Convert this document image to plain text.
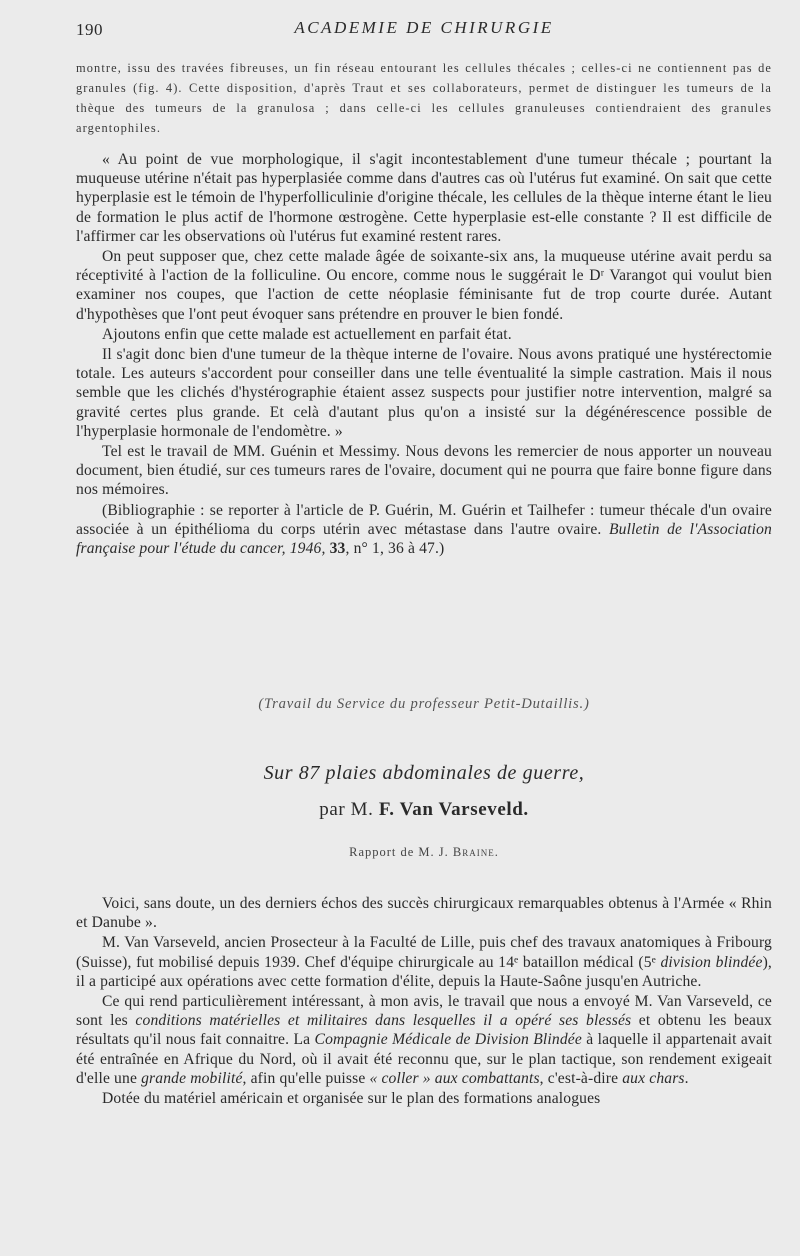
190	ACADEMIE DE CHIRURGIE

montre, issu des travées fibreuses, un fin réseau entourant les cellules thécales ; celles-ci ne contiennent pas de granules (fig. 4). Cette disposition, d'après Traut et ses collaborateurs, permet de distinguer les tumeurs de la thèque des tumeurs de la granulosa ; dans celle-ci les cellules granuleuses contiendraient des granules argentophiles.

« Au point de vue morphologique, il s'agit incontestablement d'une tumeur thécale ; pourtant la muqueuse utérine n'était pas hyperplasiée comme dans d'autres cas où l'utérus fut examiné. On sait que cette hyperplasie est le témoin de l'hyperfolliculinie d'origine thécale, les cellules de la thèque interne étant le lieu de formation le plus actif de l'hormone œstrogène. Cette hyperplasie est-elle constante ? Il est difficile de l'affirmer car les observations où l'utérus fut examiné restent rares.

On peut supposer que, chez cette malade âgée de soixante-six ans, la muqueuse utérine avait perdu sa réceptivité à l'action de la folliculine. Ou encore, comme nous le suggérait le Dʳ Varangot qui voulut bien examiner nos coupes, que l'action de cette néoplasie féminisante fut de trop courte durée. Autant d'hypothèses que l'ont peut évoquer sans prétendre en prouver le bien fondé.

Ajoutons enfin que cette malade est actuellement en parfait état.

Il s'agit donc bien d'une tumeur de la thèque interne de l'ovaire. Nous avons pratiqué une hystérectomie totale. Les auteurs s'accordent pour conseiller dans une telle éventualité la simple castration. Mais il nous semble que les clichés d'hystérographie étaient assez suspects pour justifier notre intervention, malgré sa gravité certes plus grande. Et celà d'autant plus qu'on a insisté sur la dégénérescence possible de l'hyperplasie hormonale de l'endomètre. »

Tel est le travail de MM. Guénin et Messimy. Nous devons les remercier de nous apporter un nouveau document, bien étudié, sur ces tumeurs rares de l'ovaire, document qui ne pourra que faire bonne figure dans nos mémoires.

(Bibliographie : se reporter à l'article de P. Guérin, M. Guérin et Tailhefer : tumeur thécale d'un ovaire associée à un épithélioma du corps utérin avec métastase dans l'autre ovaire. Bulletin de l'Association française pour l'étude du cancer, 1946, 33, n° 1, 36 à 47.)

(Travail du Service du professeur Petit-Dutaillis.)

Sur 87 plaies abdominales de guerre,
par M. F. Van Varseveld.
Rapport de M. J. Braine.

Voici, sans doute, un des derniers échos des succès chirurgicaux remarquables obtenus à l'Armée « Rhin et Danube ».

M. Van Varseveld, ancien Prosecteur à la Faculté de Lille, puis chef des travaux anatomiques à Fribourg (Suisse), fut mobilisé depuis 1939. Chef d'équipe chirurgicale au 14ᵉ bataillon médical (5ᵉ division blindée), il a participé aux opérations avec cette formation d'élite, depuis la Haute-Saône jusqu'en Autriche.

Ce qui rend particulièrement intéressant, à mon avis, le travail que nous a envoyé M. Van Varseveld, ce sont les conditions matérielles et militaires dans lesquelles il a opéré ses blessés et obtenu les beaux résultats qu'il nous fait connaitre. La Compagnie Médicale de Division Blindée à laquelle il appartenait avait été entraînée en Afrique du Nord, où il avait été reconnu que, sur le plan tactique, son rendement exigeait d'elle une grande mobilité, afin qu'elle puisse « coller » aux combattants, c'est-à-dire aux chars.

Dotée du matériel américain et organisée sur le plan des formations analogues
